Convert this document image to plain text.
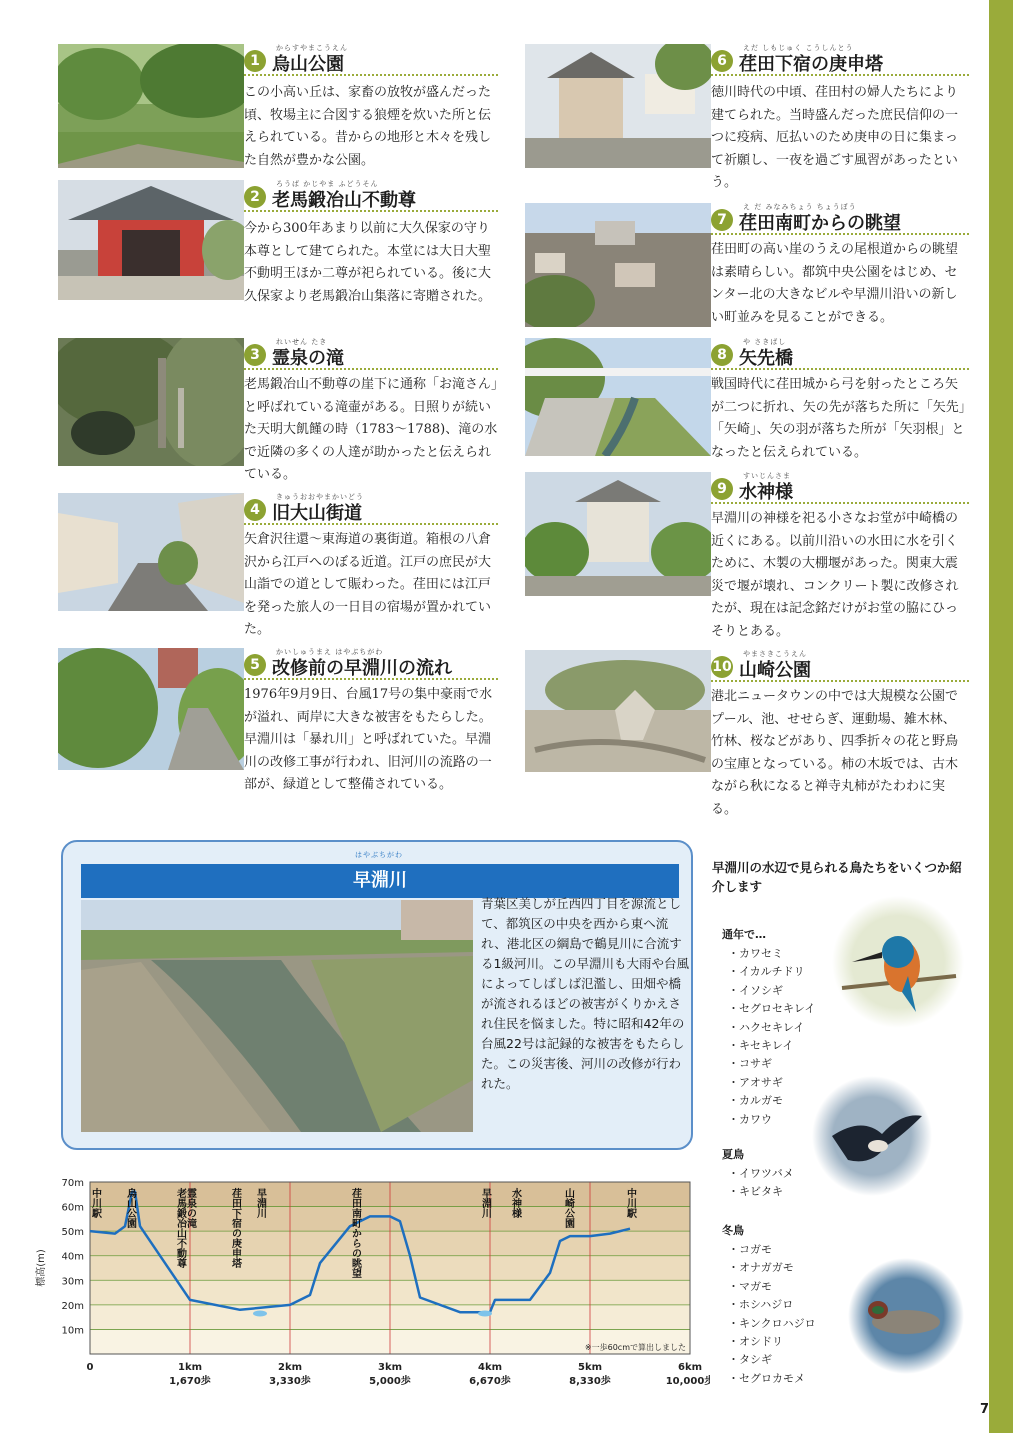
7
からすやまこうえん
1 烏山公園
この小高い丘は、家畜の放牧が盛んだった頃、牧場主に合図する狼煙を炊いた所と伝えられている。昔からの地形と木々を残した自然が豊かな公園。
ろうば かじやま ふどうそん
2 老馬鍛冶山不動尊
今から300年あまり以前に大久保家の守り本尊として建てられた。本堂には大日大聖不動明王ほか二尊が祀られている。後に大久保家より老馬鍛冶山集落に寄贈された。
れいせん たき
3 霊泉の滝
老馬鍛冶山不動尊の崖下に通称「お滝さん」と呼ばれている滝壷がある。日照りが続いた天明大飢饉の時（1783～1788)、滝の水で近隣の多くの人達が助かったと伝えられている。
きゅうおおやまかいどう
4 旧大山街道
矢倉沢往還～東海道の裏街道。箱根の八倉沢から江戸へのぼる近道。江戸の庶民が大山詣での道として賑わった。荏田には江戸を発った旅人の一日目の宿場が置かれていた。
かいしゅうまえ はやぶちがわ
5 改修前の早淵川の流れ
1976年9月9日、台風17号の集中豪雨で水が溢れ、両岸に大きな被害をもたらした。早淵川は「暴れ川」と呼ばれていた。早淵川の改修工事が行われ、旧河川の流路の一部が、緑道として整備されている。
えだ しもじゅく こうしんとう
6 荏田下宿の庚申塔
徳川時代の中頃、荏田村の婦人たちにより建てられた。当時盛んだった庶民信仰の一つに疫病、厄払いのため庚申の日に集まって祈願し、一夜を過ごす風習があったという。
え だ みなみちょう ちょうぼう
7 荏田南町からの眺望
荏田町の高い崖のうえの尾根道からの眺望は素晴らしい。都筑中央公園をはじめ、センター北の大きなビルや早淵川沿いの新しい町並みを見ることができる。
や さきばし
8 矢先橋
戦国時代に荏田城から弓を射ったところ矢が二つに折れ、矢の先が落ちた所に「矢先」「矢崎」、矢の羽が落ちた所が「矢羽根」となったと伝えられている。
すいじんさま
9 水神様
早淵川の神様を祀る小さなお堂が中崎橋の近くにある。以前川沿いの水田に水を引くために、木製の大棚堰があった。関東大震災で堰が壊れ、コンクリート製に改修されたが、現在は記念銘だけがお堂の脇にひっそりとある。
やまさきこうえん
10 山崎公園
港北ニュータウンの中では大規模な公園でプール、池、せせらぎ、運動場、雑木林、竹林、桜などがあり、四季折々の花と野鳥の宝庫となっている。柿の木坂では、古木ながら秋になると禅寺丸柿がたわわに実る。
はやぶちがわ
早淵川
青葉区美しが丘西四丁目を源流として、都筑区の中央を西から東へ流れ、港北区の綱島で鶴見川に合流する1級河川。この早淵川も大雨や台風によってしばしば氾濫し、田畑や橋が流されるほどの被害がくりかえされ住民を悩ました。特に昭和42年の台風22号は記録的な被害をもたらした。この災害後、河川の改修が行われた。
早淵川の水辺で見られる鳥たちをいくつか紹介します
通年で…
・カワセミ
・イカルチドリ
・イソシギ
・セグロセキレイ
・ハクセキレイ
・キセキレイ
・コサギ
・アオサギ
・カルガモ
・カワウ
夏鳥
・イワツバメ
・キビタキ
冬鳥
・コガモ
・オナガガモ
・マガモ
・ホシハジロ
・キンクロハジロ
・オシドリ
・タシギ
・セグロカモメ
70m
60m
50m
40m
30m
20m
10m
標高(m)
0	1km
1,670歩
2km
3,330歩
3km
5,000歩
4km
6,670歩
5km
8,330歩
6km
10,000歩
※一歩60cmで算出しました
中川駅 烏山公園	老馬鍛冶山不動尊 霊泉の滝	荏田下宿の庚申塔 早淵川	荏田南町からの眺望	早淵川 水神様	山崎公園	中川駅
